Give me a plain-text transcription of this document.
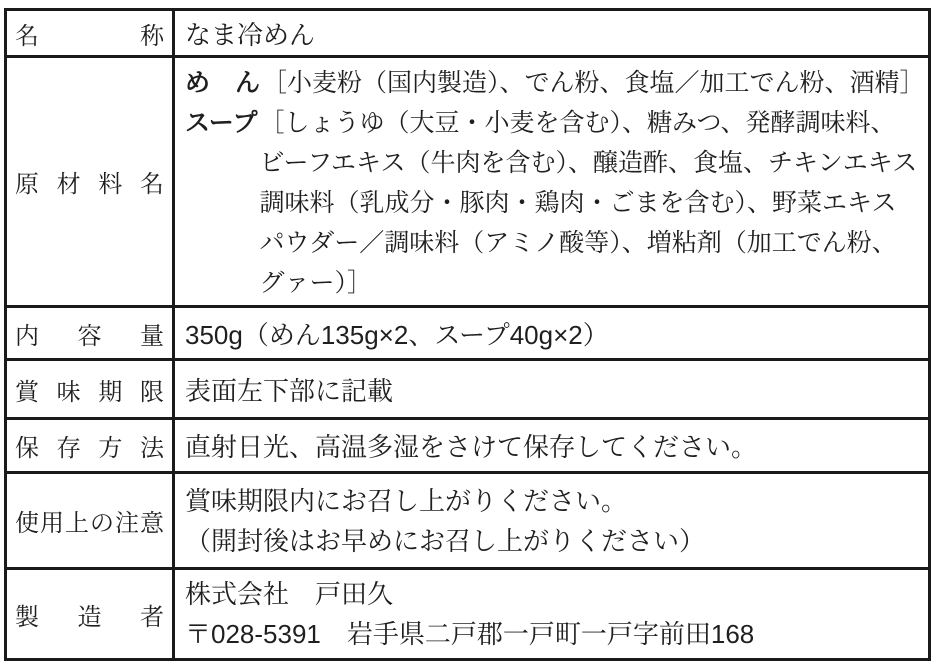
名称	なま冷めん
原材料名	め　ん ［小麦粉（国内製造）、でん粉、食塩／加工でん粉、酒精］
スープ ［しょうゆ（大豆・小麦を含む）、糖みつ、発酵調味料、ビーフエキス（牛肉を含む）、醸造酢、食塩、チキンエキス調味料（乳成分・豚肉・鶏肉・ごまを含む）、野菜エキスパウダー／調味料（アミノ酸等）、増粘剤（加工でん粉、グァー）］

内容量	350g（めん135g×2、スープ40g×2）
賞味期限	表面左下部に記載
保存方法	直射日光、高温多湿をさけて保存してください。
使用上の注意	賞味期限内にお召し上がりください。
（開封後はお早めにお召し上がりください）

製造者	株式会社　戸田久
〒028-5391　岩手県二戸郡一戸町一戸字前田168
